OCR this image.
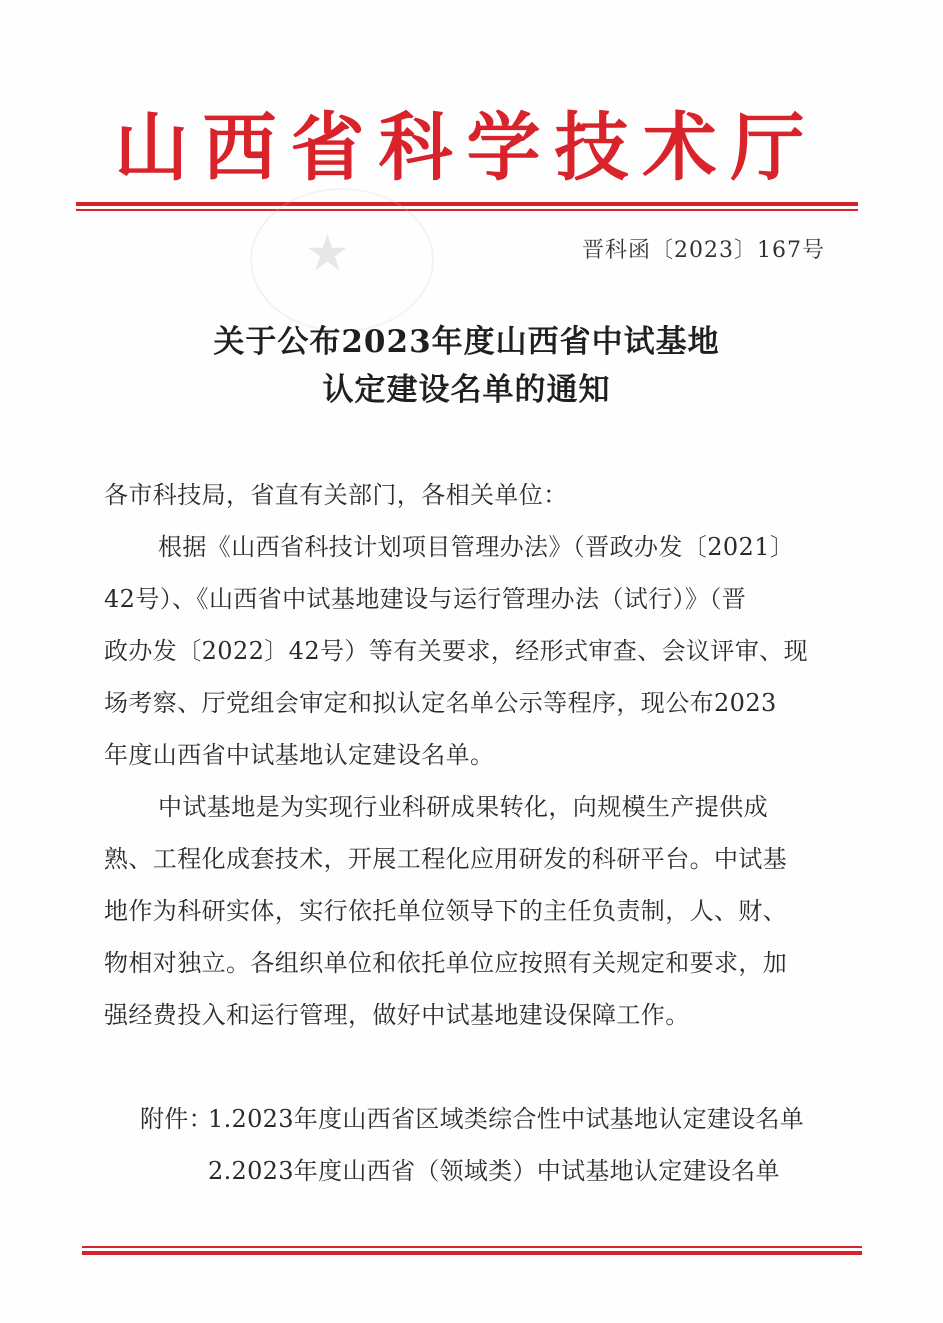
山西省科学技术厅
★	晋科函〔2023〕167号
关于公布2023年度山西省中试基地
认定建设名单的通知
各市科技局，省直有关部门，各相关单位：
根据《山西省科技计划项目管理办法》（晋政办发〔2021〕
42号）、《山西省中试基地建设与运行管理办法（试行）》（晋
政办发〔2022〕42号）等有关要求，经形式审查、会议评审、现
场考察、厅党组会审定和拟认定名单公示等程序，现公布2023
年度山西省中试基地认定建设名单。
中试基地是为实现行业科研成果转化，向规模生产提供成
熟、工程化成套技术，开展工程化应用研发的科研平台。中试基
地作为科研实体，实行依托单位领导下的主任负责制，人、财、
物相对独立。各组织单位和依托单位应按照有关规定和要求，加
强经费投入和运行管理，做好中试基地建设保障工作。
附件：
1.2023年度山西省区域类综合性中试基地认定建设名单
2.2023年度山西省（领域类）中试基地认定建设名单
